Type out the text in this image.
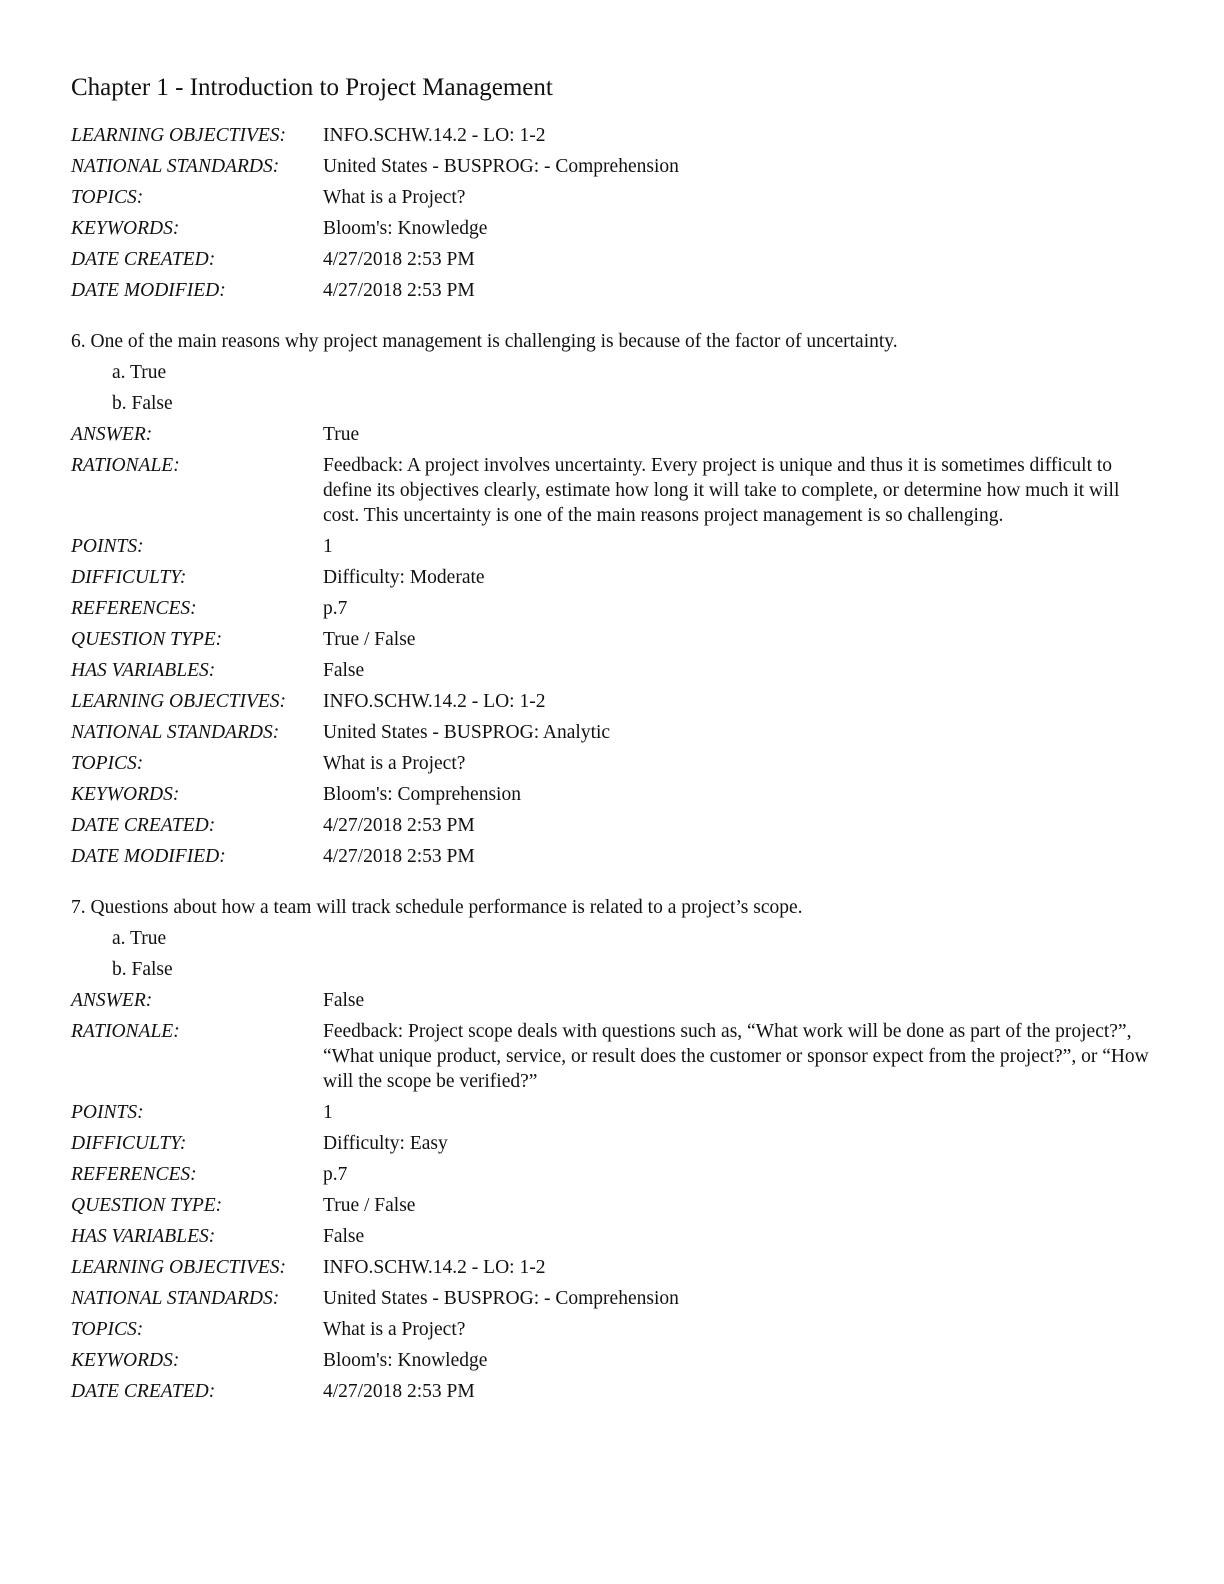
Chapter 1 - Introduction to Project Management
LEARNING OBJECTIVES:	INFO.SCHW.14.2 - LO: 1-2
NATIONAL STANDARDS:	United States - BUSPROG: - Comprehension
TOPICS:	What is a Project?
KEYWORDS:	Bloom's: Knowledge
DATE CREATED:	4/27/2018 2:53 PM
DATE MODIFIED:	4/27/2018 2:53 PM
6. One of the main reasons why project management is challenging is because of the factor of uncertainty.
a. True
b. False
ANSWER:	True
RATIONALE:	Feedback: A project involves uncertainty. Every project is unique and thus it is sometimes difficult to define its objectives clearly, estimate how long it will take to complete, or determine how much it will cost. This uncertainty is one of the main reasons project management is so challenging.
POINTS:	1
DIFFICULTY:	Difficulty: Moderate
REFERENCES:	p.7
QUESTION TYPE:	True / False
HAS VARIABLES:	False
LEARNING OBJECTIVES:	INFO.SCHW.14.2 - LO: 1-2
NATIONAL STANDARDS:	United States - BUSPROG: Analytic
TOPICS:	What is a Project?
KEYWORDS:	Bloom's: Comprehension
DATE CREATED:	4/27/2018 2:53 PM
DATE MODIFIED:	4/27/2018 2:53 PM
7. Questions about how a team will track schedule performance is related to a project’s scope.
a. True
b. False
ANSWER:	False
RATIONALE:	Feedback: Project scope deals with questions such as, “What work will be done as part of the project?”, “What unique product, service, or result does the customer or sponsor expect from the project?”, or “How will the scope be verified?”
POINTS:	1
DIFFICULTY:	Difficulty: Easy
REFERENCES:	p.7
QUESTION TYPE:	True / False
HAS VARIABLES:	False
LEARNING OBJECTIVES:	INFO.SCHW.14.2 - LO: 1-2
NATIONAL STANDARDS:	United States - BUSPROG: - Comprehension
TOPICS:	What is a Project?
KEYWORDS:	Bloom's: Knowledge
DATE CREATED:	4/27/2018 2:53 PM
